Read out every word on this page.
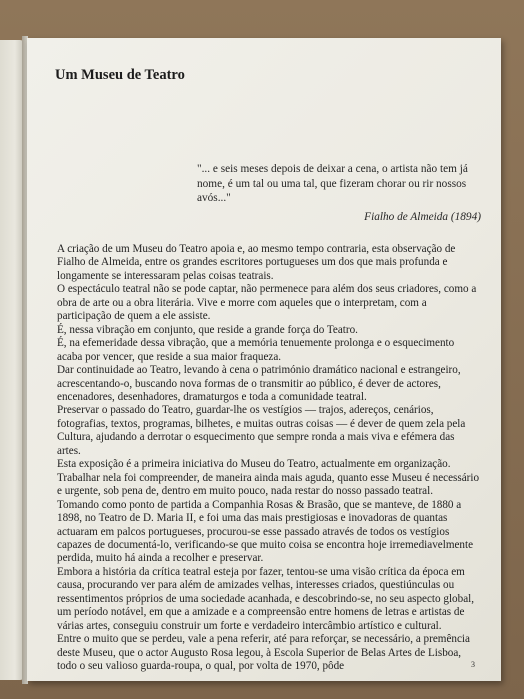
Um Museu de Teatro
"... e seis meses depois de deixar a cena, o artista não tem já nome, é um tal ou uma tal, que fizeram chorar ou rir nossos avós..."
Fialho de Almeida (1894)

A criação de um Museu do Teatro apoia e, ao mesmo tempo contraria, esta observação de Fialho de Almeida, entre os grandes escritores portugueses um dos que mais profunda e longamente se interessaram pelas coisas teatrais.

O espectáculo teatral não se pode captar, não permenece para além dos seus criadores, como a obra de arte ou a obra literária. Vive e morre com aqueles que o interpretam, com a participação de quem a ele assiste.

É, nessa vibração em conjunto, que reside a grande força do Teatro.

É, na efemeridade dessa vibração, que a memória tenuemente prolonga e o esquecimento acaba por vencer, que reside a sua maior fraqueza.

Dar continuidade ao Teatro, levando à cena o património dramático nacional e estrangeiro, acrescentando-o, buscando nova formas de o transmitir ao público, é dever de actores, encenadores, desenhadores, dramaturgos e toda a comunidade teatral.

Preservar o passado do Teatro, guardar-lhe os vestígios — trajos, adereços, cenários, fotografias, textos, programas, bilhetes, e muitas outras coisas — é dever de quem zela pela Cultura, ajudando a derrotar o esquecimento que sempre ronda a mais viva e efémera das artes.

Esta exposição é a primeira iniciativa do Museu do Teatro, actualmente em organização. Trabalhar nela foi compreender, de maneira ainda mais aguda, quanto esse Museu é necessário e urgente, sob pena de, dentro em muito pouco, nada restar do nosso passado teatral.

Tomando como ponto de partida a Companhia Rosas & Brasão, que se manteve, de 1880 a 1898, no Teatro de D. Maria II, e foi uma das mais prestigiosas e inovadoras de quantas actuaram em palcos portugueses, procurou-se esse passado através de todos os vestígios capazes de documentá-lo, verificando-se que muito coisa se encontra hoje irremediavelmente perdida, muito há ainda a recolher e preservar.

Embora a história da crítica teatral esteja por fazer, tentou-se uma visão crítica da época em causa, procurando ver para além de amizades velhas, interesses criados, questiúnculas ou ressentimentos próprios de uma sociedade acanhada, e descobrindo-se, no seu aspecto global, um período notável, em que a amizade e a compreensão entre homens de letras e artistas de várias artes, conseguiu construir um forte e verdadeiro intercâmbio artístico e cultural.

Entre o muito que se perdeu, vale a pena referir, até para reforçar, se necessário, a premência deste Museu, que o actor Augusto Rosa legou, à Escola Superior de Belas Artes de Lisboa, todo o seu valioso guarda-roupa, o qual, por volta de 1970, pôde	3
